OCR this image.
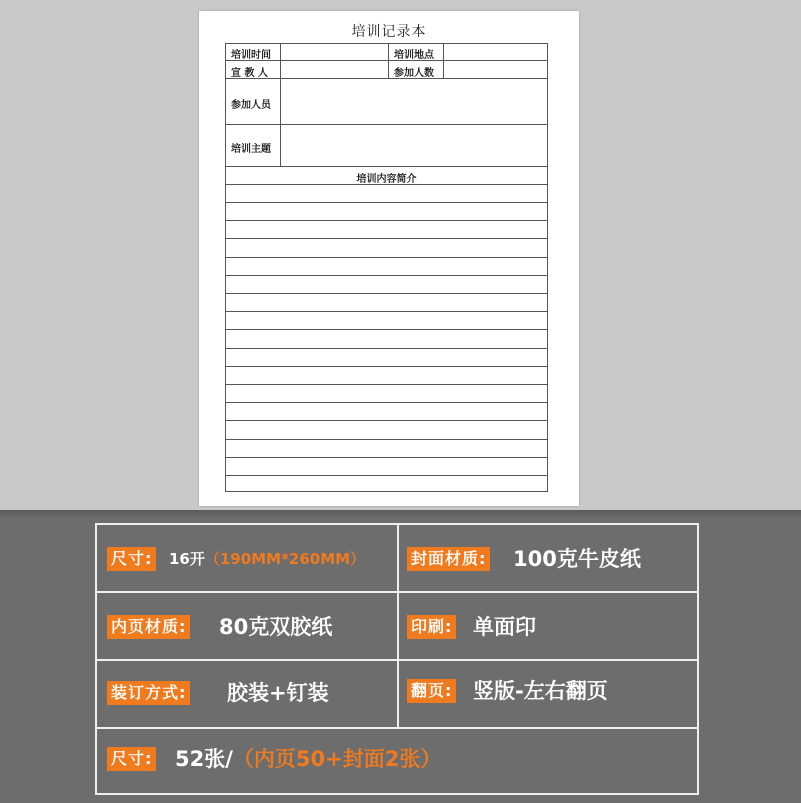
培训记录本
培训时间	培训地点
宣 教 人	参加人数
参加人员
培训主题
培训内容简介
尺寸: 16开（190MM*260MM）	封面材质: 100克牛皮纸
内页材质: 80克双胶纸	印刷: 单面印
装订方式: 胶装+钉装	翻页: 竖版-左右翻页
尺寸: 52张/（内页50+封面2张）
